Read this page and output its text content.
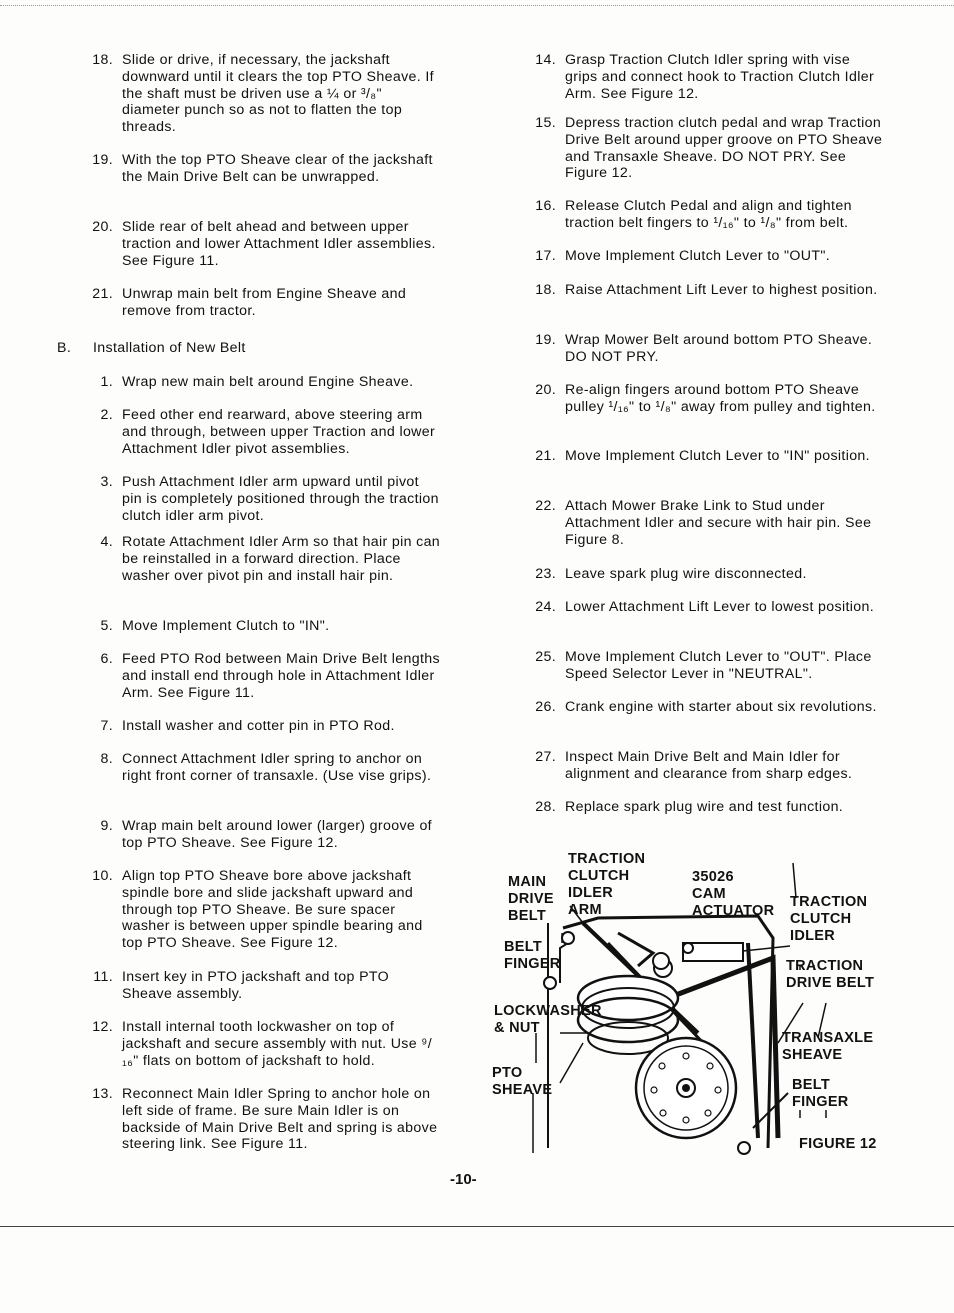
18. Slide or drive, if necessary, the jackshaft downward until it clears the top PTO Sheave. If the shaft must be driven use a ¼ or ³/₈" diameter punch so as not to flatten the top threads.
19. With the top PTO Sheave clear of the jackshaft the Main Drive Belt can be unwrapped.
20. Slide rear of belt ahead and between upper traction and lower Attachment Idler assemblies. See Figure 11.
21. Unwrap main belt from Engine Sheave and remove from tractor.
B.	Installation of New Belt
1. Wrap new main belt around Engine Sheave.
2. Feed other end rearward, above steering arm and through, between upper Traction and lower Attachment Idler pivot assemblies.
3. Push Attachment Idler arm upward until pivot pin is completely positioned through the traction clutch idler arm pivot.
4. Rotate Attachment Idler Arm so that hair pin can be reinstalled in a forward direction. Place washer over pivot pin and install hair pin.
5. Move Implement Clutch to "IN".
6. Feed PTO Rod between Main Drive Belt lengths and install end through hole in Attachment Idler Arm. See Figure 11.
7. Install washer and cotter pin in PTO Rod.
8. Connect Attachment Idler spring to anchor on right front corner of transaxle. (Use vise grips).
9. Wrap main belt around lower (larger) groove of top PTO Sheave. See Figure 12.
10. Align top PTO Sheave bore above jackshaft spindle bore and slide jackshaft upward and through top PTO Sheave. Be sure spacer washer is between upper spindle bearing and top PTO Sheave. See Figure 12.
11. Insert key in PTO jackshaft and top PTO Sheave assembly.
12. Install internal tooth lockwasher on top of jackshaft and secure assembly with nut. Use ⁹/₁₆" flats on bottom of jackshaft to hold.
13. Reconnect Main Idler Spring to anchor hole on left side of frame. Be sure Main Idler is on backside of Main Drive Belt and spring is above steering link. See Figure 11.
14. Grasp Traction Clutch Idler spring with vise grips and connect hook to Traction Clutch Idler Arm. See Figure 12.
15. Depress traction clutch pedal and wrap Traction Drive Belt around upper groove on PTO Sheave and Transaxle Sheave. DO NOT PRY. See Figure 12.
16. Release Clutch Pedal and align and tighten traction belt fingers to ¹/₁₆" to ¹/₈" from belt.
17. Move Implement Clutch Lever to "OUT".
18. Raise Attachment Lift Lever to highest position.
19. Wrap Mower Belt around bottom PTO Sheave. DO NOT PRY.
20. Re-align fingers around bottom PTO Sheave pulley ¹/₁₆" to ¹/₈" away from pulley and tighten.
21. Move Implement Clutch Lever to "IN" position.
22. Attach Mower Brake Link to Stud under Attachment Idler and secure with hair pin. See Figure 8.
23. Leave spark plug wire disconnected.
24. Lower Attachment Lift Lever to lowest position.
25. Move Implement Clutch Lever to "OUT". Place Speed Selector Lever in "NEUTRAL".
26. Crank engine with starter about six revolutions.
27. Inspect Main Drive Belt and Main Idler for alignment and clearance from sharp edges.
28. Replace spark plug wire and test function.
MAIN
DRIVE
BELT
TRACTION
CLUTCH
IDLER
ARM
35026
CAM
ACTUATOR
TRACTION
CLUTCH
IDLER
BELT
FINGER	TRACTION
DRIVE BELT
LOCKWASHER
& NUT
TRANSAXLE
SHEAVE
PTO
SHEAVE	BELT
FINGER
FIGURE 12
-10-
